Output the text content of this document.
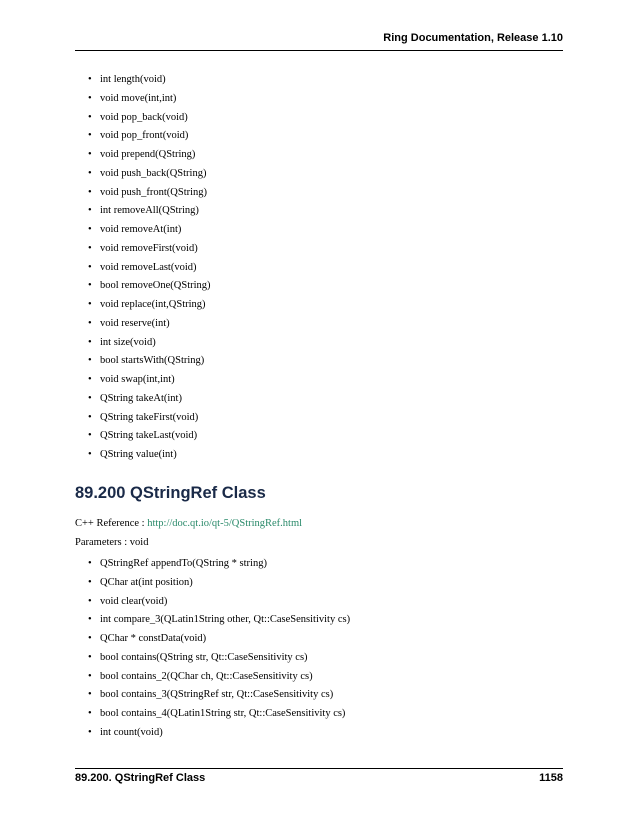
Ring Documentation, Release 1.10
• int length(void)
• void move(int,int)
• void pop_back(void)
• void pop_front(void)
• void prepend(QString)
• void push_back(QString)
• void push_front(QString)
• int removeAll(QString)
• void removeAt(int)
• void removeFirst(void)
• void removeLast(void)
• bool removeOne(QString)
• void replace(int,QString)
• void reserve(int)
• int size(void)
• bool startsWith(QString)
• void swap(int,int)
• QString takeAt(int)
• QString takeFirst(void)
• QString takeLast(void)
• QString value(int)
89.200 QStringRef Class
C++ Reference : http://doc.qt.io/qt-5/QStringRef.html
Parameters : void
• QStringRef appendTo(QString * string)
• QChar at(int position)
• void clear(void)
• int compare_3(QLatin1String other, Qt::CaseSensitivity cs)
• QChar * constData(void)
• bool contains(QString str, Qt::CaseSensitivity cs)
• bool contains_2(QChar ch, Qt::CaseSensitivity cs)
• bool contains_3(QStringRef str, Qt::CaseSensitivity cs)
• bool contains_4(QLatin1String str, Qt::CaseSensitivity cs)
• int count(void)
89.200. QStringRef Class	1158
